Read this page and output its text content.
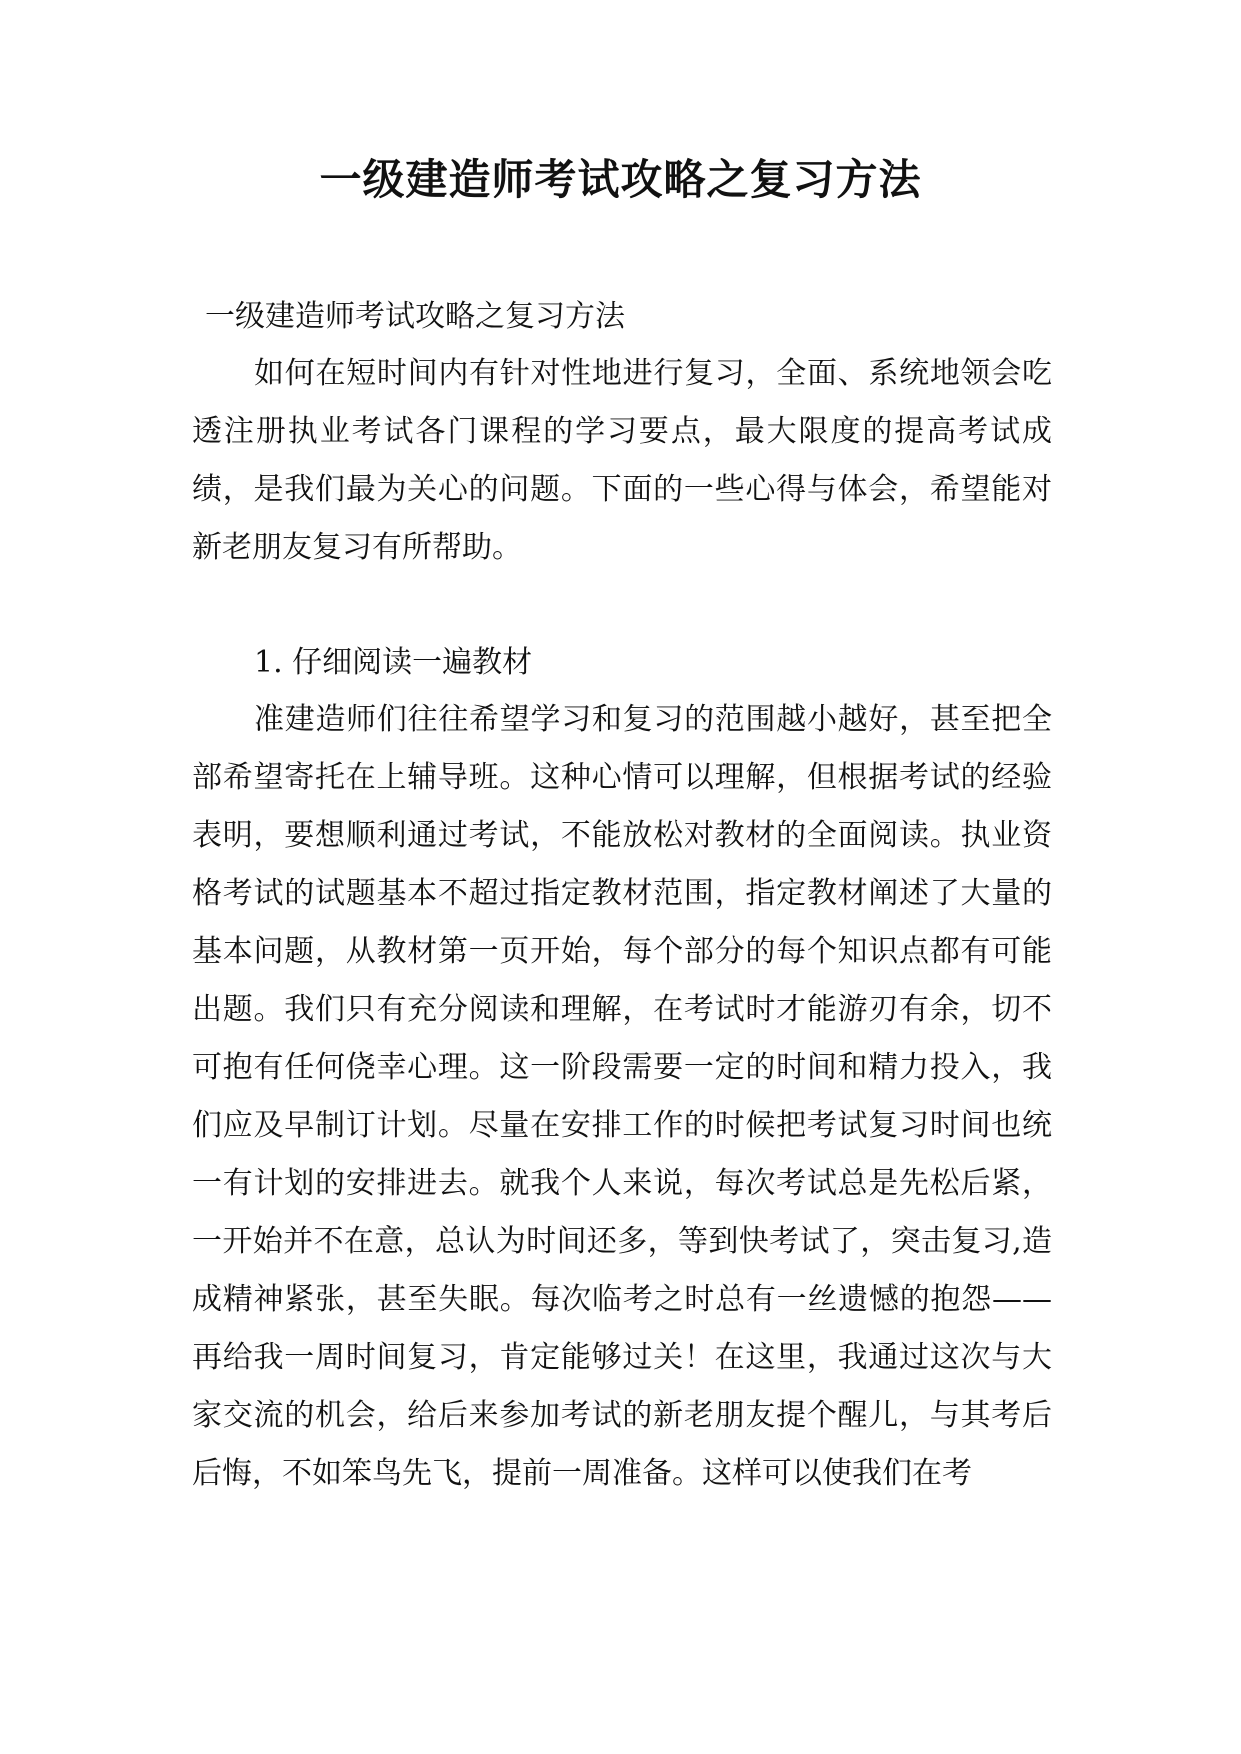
一级建造师考试攻略之复习方法

一级建造师考试攻略之复习方法

如何在短时间内有针对性地进行复习，全面、系统地领会吃透注册执业考试各门课程的学习要点，最大限度的提高考试成绩，是我们最为关心的问题。下面的一些心得与体会，希望能对新老朋友复习有所帮助。

1. 仔细阅读一遍教材

准建造师们往往希望学习和复习的范围越小越好，甚至把全部希望寄托在上辅导班。这种心情可以理解，但根据考试的经验表明，要想顺利通过考试，不能放松对教材的全面阅读。执业资格考试的试题基本不超过指定教材范围，指定教材阐述了大量的基本问题，从教材第一页开始，每个部分的每个知识点都有可能出题。我们只有充分阅读和理解，在考试时才能游刃有余，切不可抱有任何侥幸心理。这一阶段需要一定的时间和精力投入，我们应及早制订计划。尽量在安排工作的时候把考试复习时间也统一有计划的安排进去。就我个人来说，每次考试总是先松后紧，一开始并不在意，总认为时间还多，等到快考试了，突击复习,造成精神紧张，甚至失眠。每次临考之时总有一丝遗憾的抱怨——再给我一周时间复习，肯定能够过关！在这里，我通过这次与大家交流的机会，给后来参加考试的新老朋友提个醒儿，与其考后后悔，不如笨鸟先飞，提前一周准备。这样可以使我们在考
